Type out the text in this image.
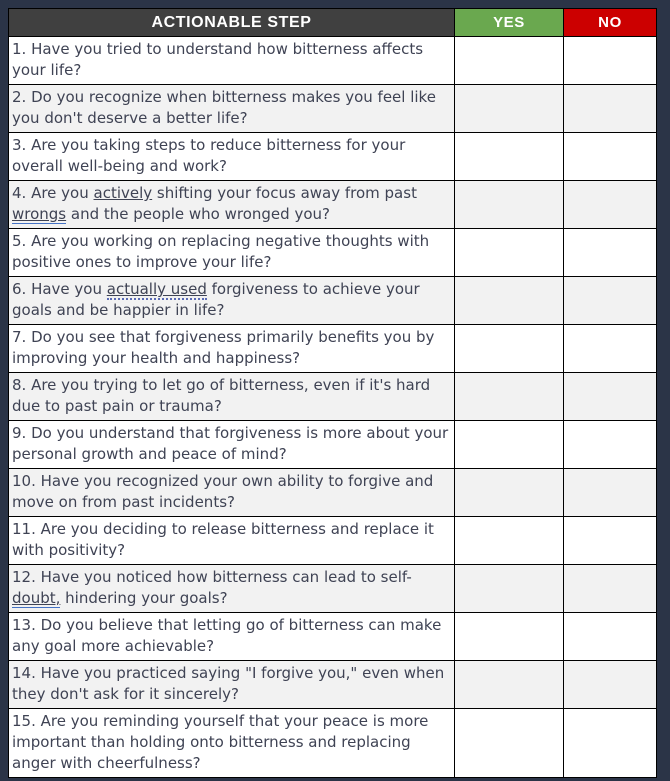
ACTIONABLE STEP	YES	NO
1. Have you tried to understand how bitterness affects your life?		
2. Do you recognize when bitterness makes you feel like you don't deserve a better life?		
3. Are you taking steps to reduce bitterness for your overall well-being and work?		
4. Are you actively shifting your focus away from past wrongs and the people who wronged you?		
5. Are you working on replacing negative thoughts with positive ones to improve your life?		
6. Have you actually used forgiveness to achieve your goals and be happier in life?		
7. Do you see that forgiveness primarily benefits you by improving your health and happiness?		
8. Are you trying to let go of bitterness, even if it's hard due to past pain or trauma?		
9. Do you understand that forgiveness is more about your personal growth and peace of mind?		
10. Have you recognized your own ability to forgive and move on from past incidents?		
11. Are you deciding to release bitterness and replace it with positivity?		
12. Have you noticed how bitterness can lead to self-doubt, hindering your goals?		
13. Do you believe that letting go of bitterness can make any goal more achievable?		
14. Have you practiced saying "I forgive you," even when they don't ask for it sincerely?		
15. Are you reminding yourself that your peace is more important than holding onto bitterness and replacing anger with cheerfulness?		
